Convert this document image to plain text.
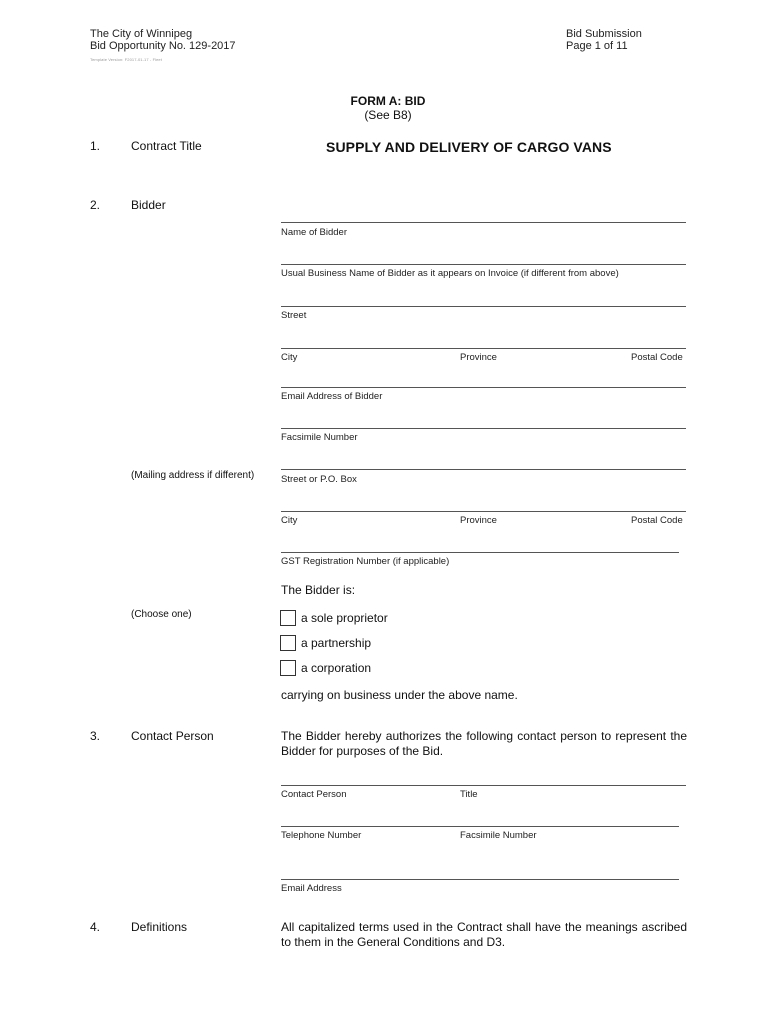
The City of Winnipeg
Bid Opportunity No. 129-2017
Template Version: F2017-01-17 - Fleet
Bid Submission
Page 1 of 11
FORM A: BID
(See B8)
1.	Contract Title	SUPPLY AND DELIVERY OF CARGO VANS
2.	Bidder
Name of Bidder
Usual Business Name of Bidder as it appears on Invoice (if different from above)
Street
City	Province	Postal Code
Email Address of Bidder
Facsimile Number
(Mailing address if different)	Street or P.O. Box
City	Province	Postal Code
GST Registration Number (if applicable)
The Bidder is:
(Choose one)	a sole proprietor
a partnership
a corporation
carrying on business under the above name.
3.	Contact Person	The Bidder hereby authorizes the following contact person to represent the Bidder for purposes of the Bid.
Contact Person	Title
Telephone Number	Facsimile Number
Email Address
4.	Definitions	All capitalized terms used in the Contract shall have the meanings ascribed to them in the General Conditions and D3.
